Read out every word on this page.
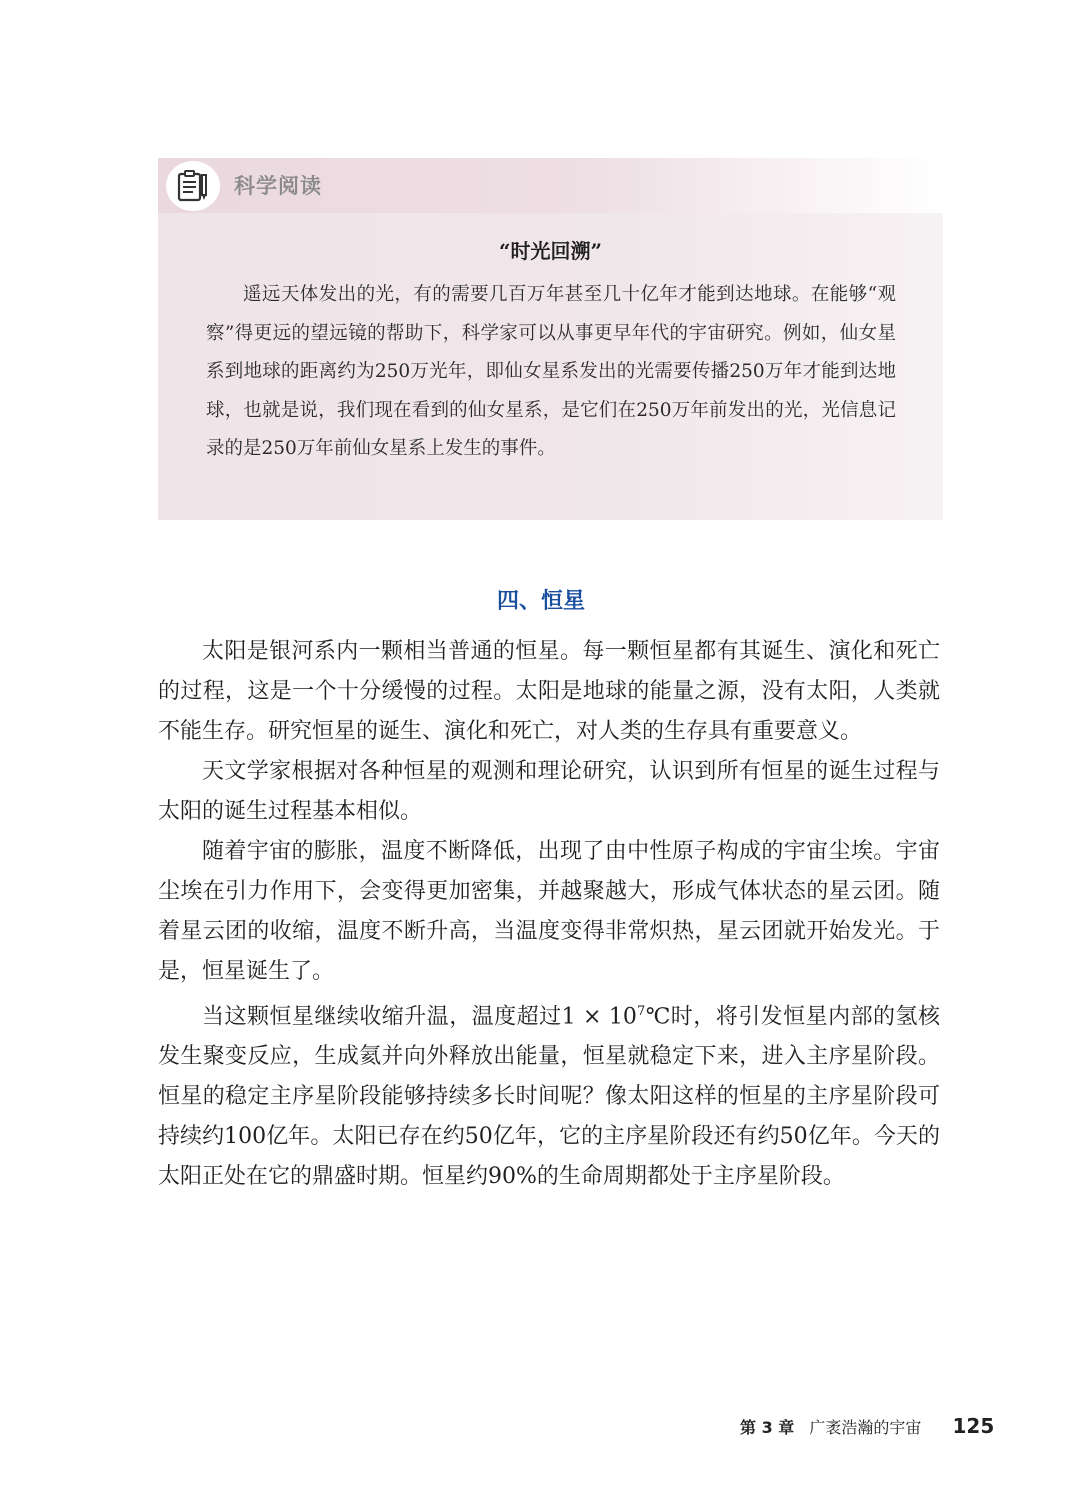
科学阅读
“时光回溯”

遥远天体发出的光，有的需要几百万年甚至几十亿年才能到达地球。在能够“观察”得更远的望远镜的帮助下，科学家可以从事更早年代的宇宙研究。例如，仙女星系到地球的距离约为250万光年，即仙女星系发出的光需要传播250万年才能到达地球，也就是说，我们现在看到的仙女星系，是它们在250万年前发出的光，光信息记录的是250万年前仙女星系上发生的事件。

四、恒星

太阳是银河系内一颗相当普通的恒星。每一颗恒星都有其诞生、演化和死亡的过程，这是一个十分缓慢的过程。太阳是地球的能量之源，没有太阳，人类就不能生存。研究恒星的诞生、演化和死亡，对人类的生存具有重要意义。

天文学家根据对各种恒星的观测和理论研究，认识到所有恒星的诞生过程与太阳的诞生过程基本相似。

随着宇宙的膨胀，温度不断降低，出现了由中性原子构成的宇宙尘埃。宇宙尘埃在引力作用下，会变得更加密集，并越聚越大，形成气体状态的星云团。随着星云团的收缩，温度不断升高，当温度变得非常炽热，星云团就开始发光。于是，恒星诞生了。

当这颗恒星继续收缩升温，温度超过$1 \times 10^7℃$时，将引发恒星内部的氢核发生聚变反应，生成氦并向外释放出能量，恒星就稳定下来，进入主序星阶段。恒星的稳定主序星阶段能够持续多长时间呢？像太阳这样的恒星的主序星阶段可持续约100亿年。太阳已存在约50亿年，它的主序星阶段还有约50亿年。今天的太阳正处在它的鼎盛时期。恒星约90%的生命周期都处于主序星阶段。

第 3 章 广袤浩瀚的宇宙 125
